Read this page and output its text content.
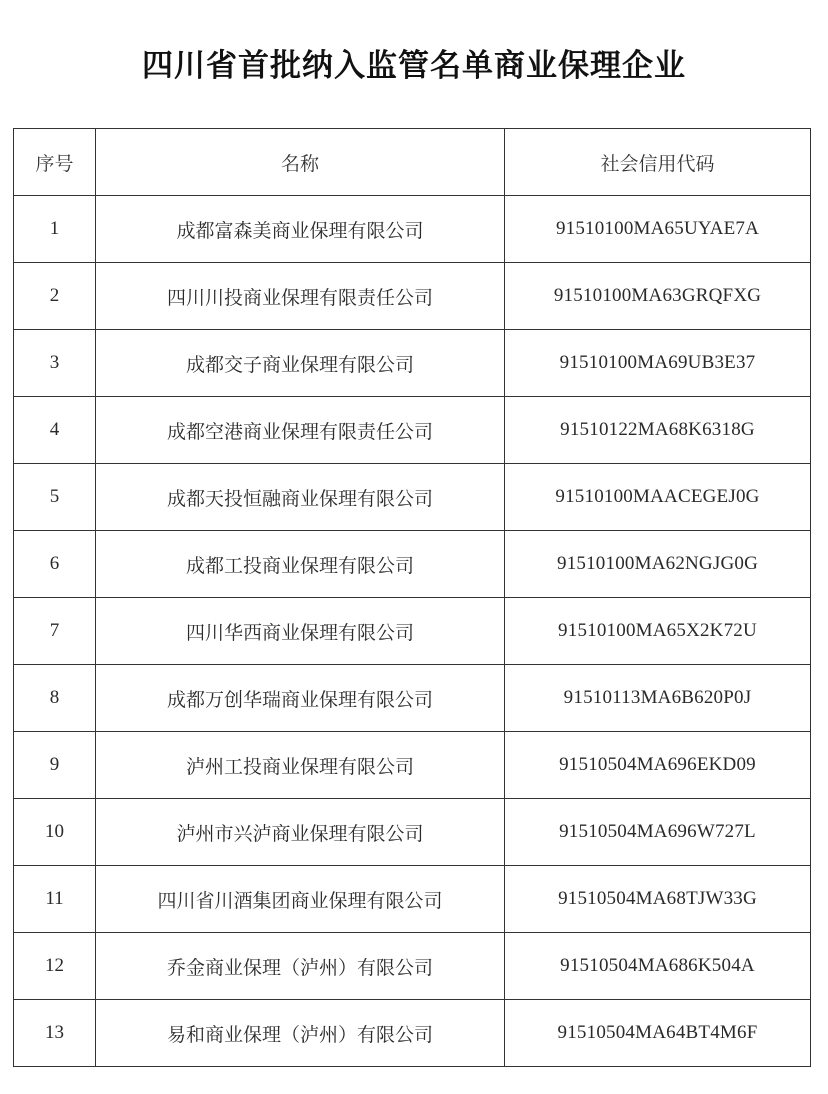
四川省首批纳入监管名单商业保理企业
序号	名称	社会信用代码
1	成都富森美商业保理有限公司	91510100MA65UYAE7A
2	四川川投商业保理有限责任公司	91510100MA63GRQFXG
3	成都交子商业保理有限公司	91510100MA69UB3E37
4	成都空港商业保理有限责任公司	91510122MA68K6318G
5	成都天投恒融商业保理有限公司	91510100MAACEGEJ0G
6	成都工投商业保理有限公司	91510100MA62NGJG0G
7	四川华西商业保理有限公司	91510100MA65X2K72U
8	成都万创华瑞商业保理有限公司	91510113MA6B620P0J
9	泸州工投商业保理有限公司	91510504MA696EKD09
10	泸州市兴泸商业保理有限公司	91510504MA696W727L
11	四川省川酒集团商业保理有限公司	91510504MA68TJW33G
12	乔金商业保理（泸州）有限公司	91510504MA686K504A
13	易和商业保理（泸州）有限公司	91510504MA64BT4M6F
